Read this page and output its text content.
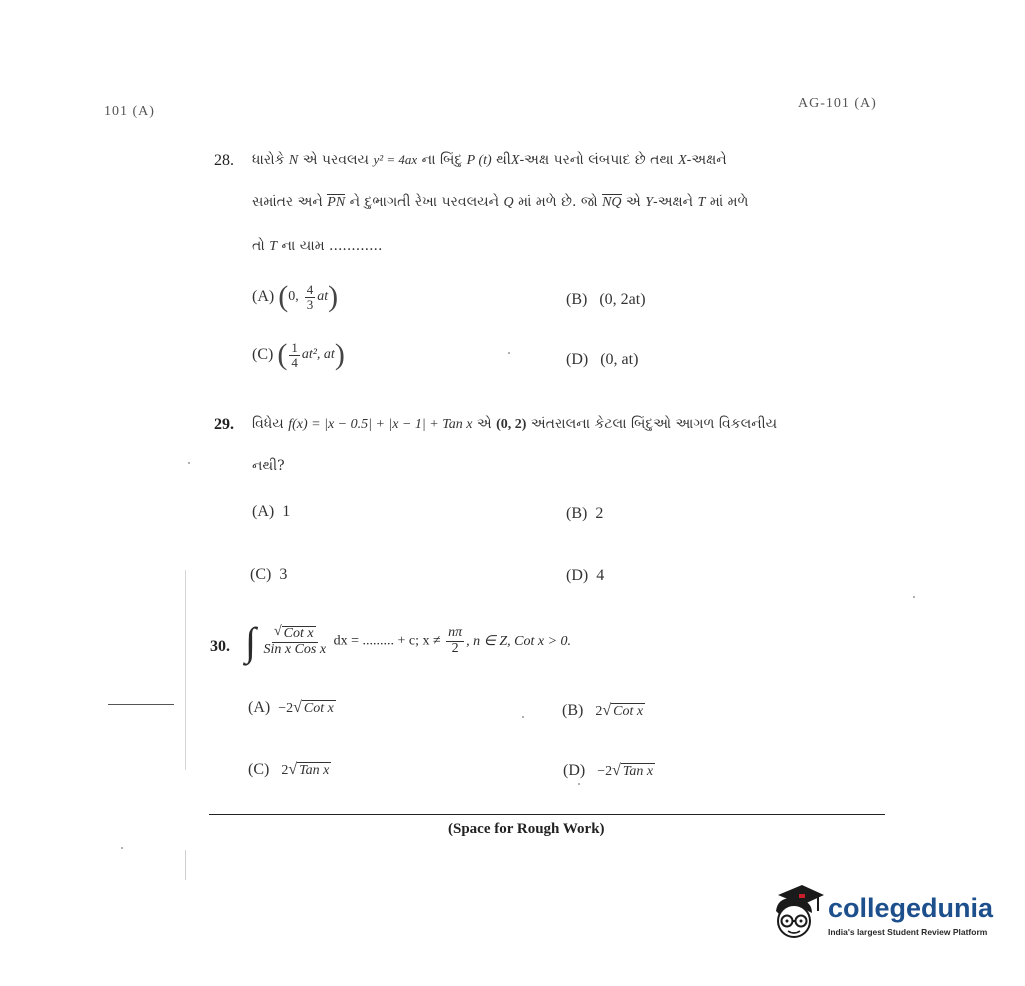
101 (A)
AG-101 (A)
28. ધારોકે N એ પરવલય y² = 4ax ના બિંદુ P (t) થીX-અક્ષ પરનો લંબપાદ છે તથા X-અક્ષને
સમાંતર અને PN ને દુભાગતી રેખા પરવલયને Q માં મળે છે. જો NQ એ Y-અક્ષને T માં મળે
તો T ના યામ ............
(A) (0, $\frac{4}{3} at$)	(B) (0, 2at)
(C) ( $\frac{1}{4} at^2$, at)	(D) (0, at)
29. વિધેય f(x) = |x − 0.5| + |x − 1| + Tan x એ (0, 2) અંતરાલના કેટલા બિંદુઓ આગળ વિકલનીય
નથી?
(A) 1	(B) 2
(C) 3	(D) 4
30. ∫ $\frac{\text{√ Cot x}}{\text{Sin x Cos x}}$ dx = ......... + c; $x \ne \frac{n\pi}{2}$ , n ∈ Z, Cot x > 0.
(A) −2√ Cot x	(B) 2√ Cot x
(C) 2√ Tan x	(D) −2√ Tan x
(Space for Rough Work)
collegedunia
India's largest Student Review Platform
